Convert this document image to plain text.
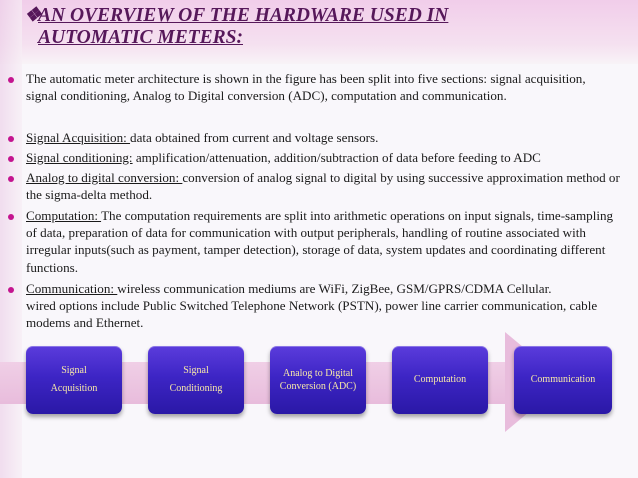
❖AN OVERVIEW OF THE HARDWARE USED IN
AUTOMATIC METERS:

The automatic meter architecture is shown in the figure has been split into five sections: signal acquisition, signal conditioning, Analog to Digital conversion (ADC), computation and communication.

Signal Acquisition: data obtained from current and voltage sensors.

Signal conditioning: amplification/attenuation, addition/subtraction of data before feeding to ADC

Analog to digital conversion: conversion of analog signal to digital by using successive approximation method or the sigma-delta method.

Computation: The computation requirements are split into arithmetic operations on input signals, time-sampling of data, preparation of data for communication with output peripherals, handling of routine associated with irregular inputs(such as payment, tamper detection), storage of data, system updates and coordinating different functions.

Communication: wireless communication mediums are WiFi, ZigBee, GSM/GPRS/CDMA Cellular.
wired options include Public Switched Telephone Network (PSTN), power line carrier communication, cable modems and Ethernet.

Signal
Acquisition
Signal
Conditioning
Analog to Digital
Conversion (ADC)
Computation	Communication
